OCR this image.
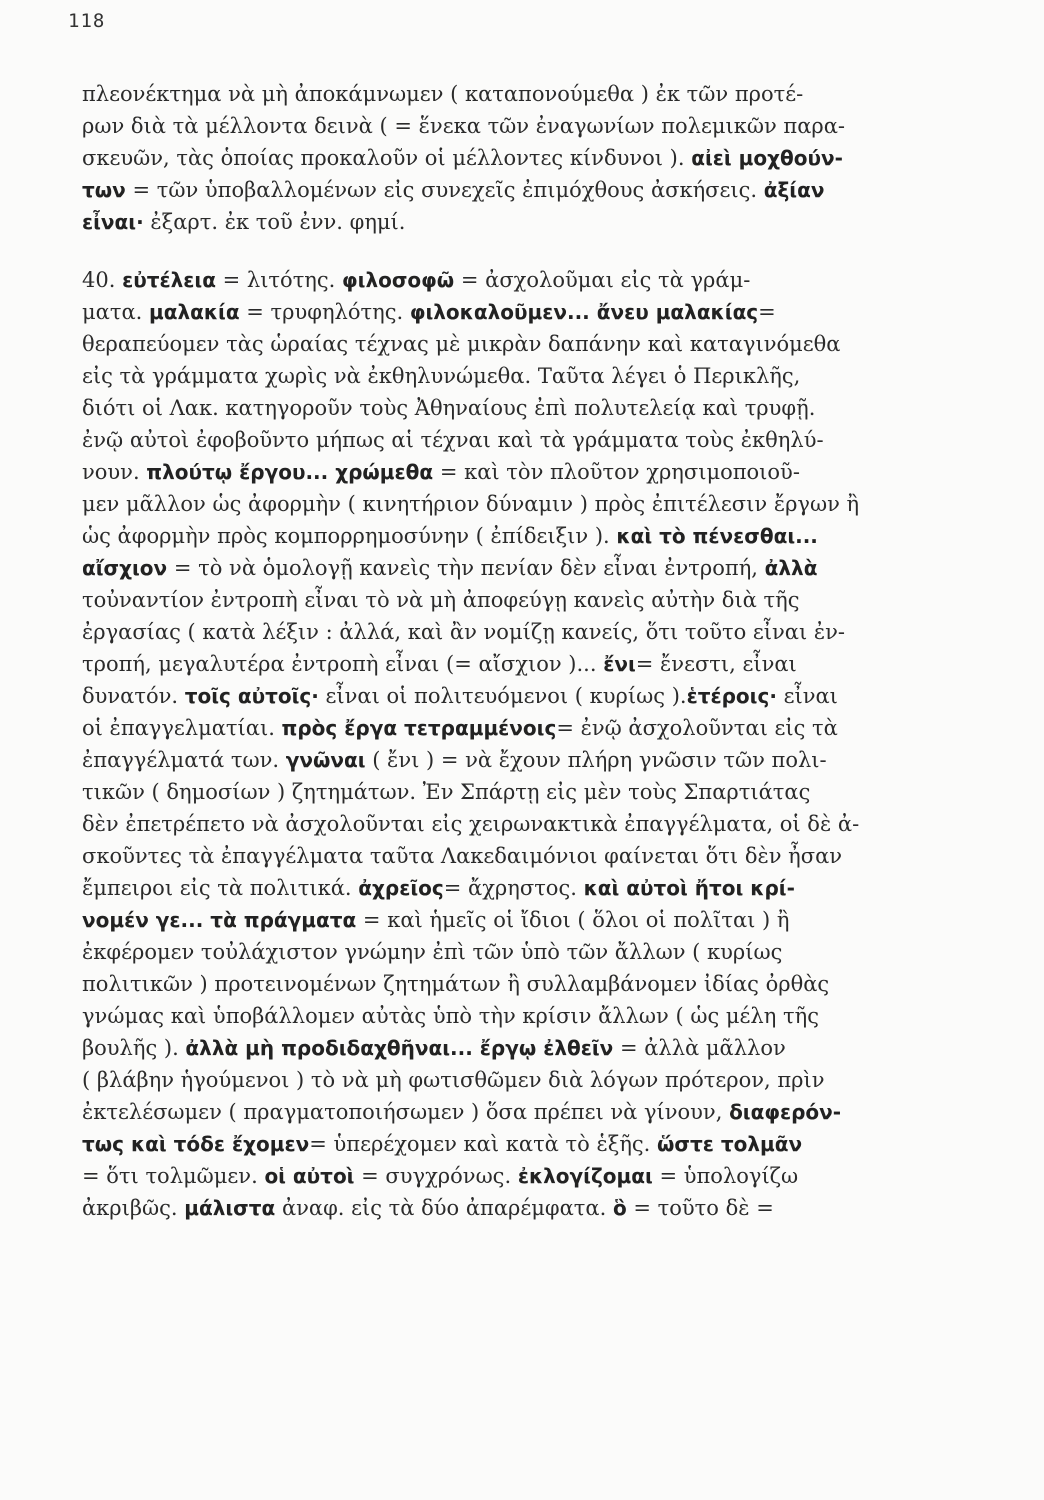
118
πλεονέκτημα νὰ μὴ ἀποκάμνωμεν ( καταπονούμεθα ) ἐκ τῶν προτέ-
ρων διὰ τὰ μέλλοντα δεινὰ ( = ἕνεκα τῶν ἐναγωνίων πολεμικῶν παρα-
σκευῶν, τὰς ὁποίας προκαλοῦν οἱ μέλλοντες κίνδυνοι ). αἰεὶ μοχθούν-
των = τῶν ὑποβαλλομένων εἰς συνεχεῖς ἐπιμόχθους ἀσκήσεις. ἀξίαν
εἶναι· ἐξαρτ. ἐκ τοῦ ἐνν. φημί.
40. εὐτέλεια = λιτότης. φιλοσοφῶ = ἀσχολοῦμαι εἰς τὰ γράμ-
ματα. μαλακία = τρυφηλότης. φιλοκαλοῦμεν... ἄνευ μαλακίας=
θεραπεύομεν τὰς ὡραίας τέχνας μὲ μικρὰν δαπάνην καὶ καταγινόμεθα
εἰς τὰ γράμματα χωρὶς νὰ ἐκθηλυνώμεθα. Ταῦτα λέγει ὁ Περικλῆς,
διότι οἱ Λακ. κατηγοροῦν τοὺς Ἀθηναίους ἐπὶ πολυτελείᾳ καὶ τρυφῇ.
ἐνῷ αὐτοὶ ἐφοβοῦντο μήπως αἱ τέχναι καὶ τὰ γράμματα τοὺς ἐκθηλύ-
νουν. πλούτῳ ἔργου... χρώμεθα = καὶ τὸν πλοῦτον χρησιμοποιοῦ-
μεν μᾶλλον ὡς ἀφορμὴν ( κινητήριον δύναμιν ) πρὸς ἐπιτέλεσιν ἔργων ἢ
ὡς ἀφορμὴν πρὸς κομπορρημοσύνην ( ἐπίδειξιν ). καὶ τὸ πένεσθαι...
αἴσχιον = τὸ νὰ ὁμολογῇ κανεὶς τὴν πενίαν δὲν εἶναι ἐντροπή, ἀλλὰ
τοὐναντίον ἐντροπὴ εἶναι τὸ νὰ μὴ ἀποφεύγῃ κανεὶς αὐτὴν διὰ τῆς
ἐργασίας ( κατὰ λέξιν : ἀλλά, καὶ ἂν νομίζῃ κανείς, ὅτι τοῦτο εἶναι ἐν-
τροπή, μεγαλυτέρα ἐντροπὴ εἶναι (= αἴσχιον )... ἔνι= ἔνεστι, εἶναι
δυνατόν. τοῖς αὐτοῖς· εἶναι οἱ πολιτευόμενοι ( κυρίως ).ἑτέροις· εἶναι
οἱ ἐπαγγελματίαι. πρὸς ἔργα τετραμμένοις= ἐνῷ ἀσχολοῦνται εἰς τὰ
ἐπαγγέλματά των. γνῶναι ( ἔνι ) = νὰ ἔχουν πλήρη γνῶσιν τῶν πολι-
τικῶν ( δημοσίων ) ζητημάτων. Ἐν Σπάρτῃ εἰς μὲν τοὺς Σπαρτιάτας
δὲν ἐπετρέπετο νὰ ἀσχολοῦνται εἰς χειρωνακτικὰ ἐπαγγέλματα, οἱ δὲ ἀ-
σκοῦντες τὰ ἐπαγγέλματα ταῦτα Λακεδαιμόνιοι φαίνεται ὅτι δὲν ἦσαν
ἔμπειροι εἰς τὰ πολιτικά. ἀχρεῖος= ἄχρηστος. καὶ αὐτοὶ ἤτοι κρί-
νομέν γε... τὰ πράγματα = καὶ ἡμεῖς οἱ ἴδιοι ( ὅλοι οἱ πολῖται ) ἢ
ἐκφέρομεν τοὐλάχιστον γνώμην ἐπὶ τῶν ὑπὸ τῶν ἄλλων ( κυρίως
πολιτικῶν ) προτεινομένων ζητημάτων ἢ συλλαμβάνομεν ἰδίας ὀρθὰς
γνώμας καὶ ὑποβάλλομεν αὐτὰς ὑπὸ τὴν κρίσιν ἄλλων ( ὡς μέλη τῆς
βουλῆς ). ἀλλὰ μὴ προδιδαχθῆναι... ἔργῳ ἐλθεῖν = ἀλλὰ μᾶλλον
( βλάβην ἡγούμενοι ) τὸ νὰ μὴ φωτισθῶμεν διὰ λόγων πρότερον, πρὶν
ἐκτελέσωμεν ( πραγματοποιήσωμεν ) ὅσα πρέπει νὰ γίνουν, διαφερόν-
τως καὶ τόδε ἔχομεν= ὑπερέχομεν καὶ κατὰ τὸ ἑξῆς. ὥστε τολμᾶν
= ὅτι τολμῶμεν. οἱ αὐτοὶ = συγχρόνως. ἐκλογίζομαι = ὑπολογίζω
ἀκριβῶς. μάλιστα ἀναφ. εἰς τὰ δύο ἀπαρέμφατα. ὃ = τοῦτο δὲ =
